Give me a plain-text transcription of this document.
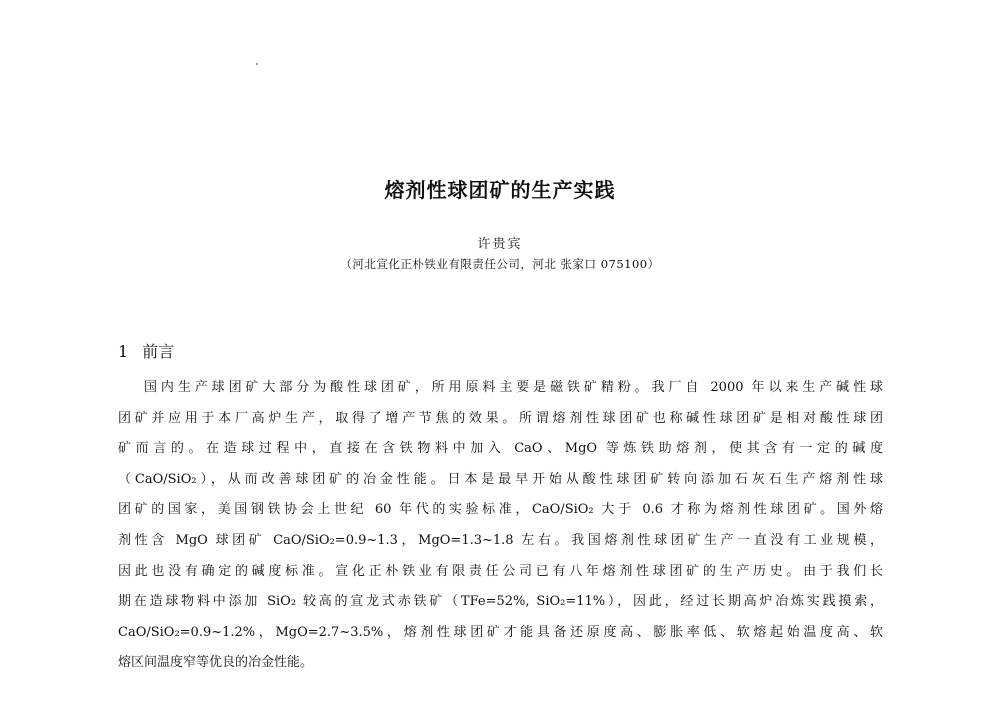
熔剂性球团矿的生产实践
许贵宾
（河北宣化正朴铁业有限责任公司，河北 张家口 075100）
1 前言
国内生产球团矿大部分为酸性球团矿，所用原料主要是磁铁矿精粉。我厂自 2000 年以来生产碱性球
团矿并应用于本厂高炉生产，取得了增产节焦的效果。所谓熔剂性球团矿也称碱性球团矿是相对酸性球团
矿而言的。在造球过程中，直接在含铁物料中加入 CaO、MgO 等炼铁助熔剂，使其含有一定的碱度
（CaO/SiO₂），从而改善球团矿的冶金性能。日本是最早开始从酸性球团矿转向添加石灰石生产熔剂性球
团矿的国家，美国钢铁协会上世纪 60 年代的实验标准，CaO/SiO₂ 大于 0.6 才称为熔剂性球团矿。国外熔
剂性含 MgO 球团矿 CaO/SiO₂=0.9~1.3，MgO=1.3~1.8 左右。我国熔剂性球团矿生产一直没有工业规模，
因此也没有确定的碱度标准。宣化正朴铁业有限责任公司已有八年熔剂性球团矿的生产历史。由于我们长
期在造球物料中添加 SiO₂ 较高的宣龙式赤铁矿（TFe=52%, SiO₂=11%），因此，经过长期高炉冶炼实践摸索，
CaO/SiO₂=0.9~1.2%，MgO=2.7~3.5%，熔剂性球团矿才能具备还原度高、膨胀率低、软熔起始温度高、软
熔区间温度窄等优良的冶金性能。
